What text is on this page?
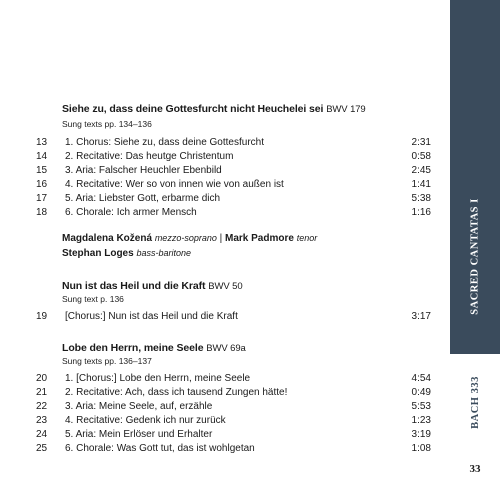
Siehe zu, dass deine Gottesfurcht nicht Heuchelei sei BWV 179
Sung texts pp. 134–136
13	1. Chorus: Siehe zu, dass deine Gottesfurcht	2:31
14	2. Recitative: Das heutge Christentum	0:58
15	3. Aria: Falscher Heuchler Ebenbild	2:45
16	4. Recitative: Wer so von innen wie von außen ist	1:41
17	5. Aria: Liebster Gott, erbarme dich	5:38
18	6. Chorale: Ich armer Mensch	1:16
Magdalena Kožená mezzo-soprano | Mark Padmore tenor
Stephan Loges bass-baritone
Nun ist das Heil und die Kraft BWV 50
Sung text p. 136
19	[Chorus:] Nun ist das Heil und die Kraft	3:17
Lobe den Herrn, meine Seele BWV 69a
Sung texts pp. 136–137
20	1. [Chorus:] Lobe den Herrn, meine Seele	4:54
21	2. Recitative: Ach, dass ich tausend Zungen hätte!	0:49
22	3. Aria: Meine Seele, auf, erzähle	5:53
23	4. Recitative: Gedenk ich nur zurück	1:23
24	5. Aria: Mein Erlöser und Erhalter	3:19
25	6. Chorale: Was Gott tut, das ist wohlgetan	1:08
SACRED CANTATAS I
BACH 333
33
